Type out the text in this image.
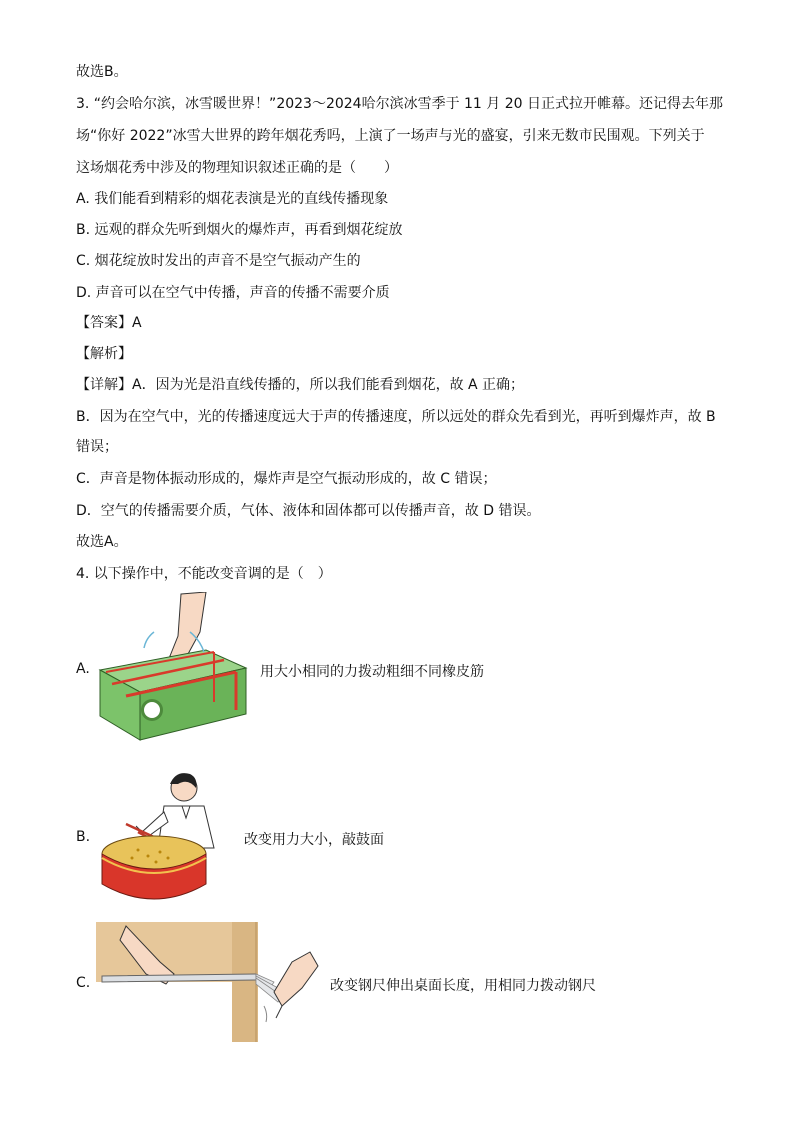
故选B。
3. “约会哈尔滨，冰雪暖世界！”2023～2024哈尔滨冰雪季于 11 月 20 日正式拉开帷幕。还记得去年那
场“你好 2022”冰雪大世界的跨年烟花秀吗，上演了一场声与光的盛宴，引来无数市民围观。下列关于
这场烟花秀中涉及的物理知识叙述正确的是（　　）
A. 我们能看到精彩的烟花表演是光的直线传播现象
B. 远观的群众先听到烟火的爆炸声，再看到烟花绽放
C. 烟花绽放时发出的声音不是空气振动产生的
D. 声音可以在空气中传播，声音的传播不需要介质
【答案】A
【解析】
【详解】A．因为光是沿直线传播的，所以我们能看到烟花，故 A 正确；
B．因为在空气中，光的传播速度远大于声的传播速度，所以远处的群众先看到光，再听到爆炸声，故 B
错误；
C．声音是物体振动形成的，爆炸声是空气振动形成的，故 C 错误；
D．空气的传播需要介质，气体、液体和固体都可以传播声音，故 D 错误。
故选A。
4. 以下操作中，不能改变音调的是（　）
A.	用大小相同的力拨动粗细不同橡皮筋
B.	改变用力大小，敲鼓面
C.	改变钢尺伸出桌面长度，用相同力拨动钢尺
